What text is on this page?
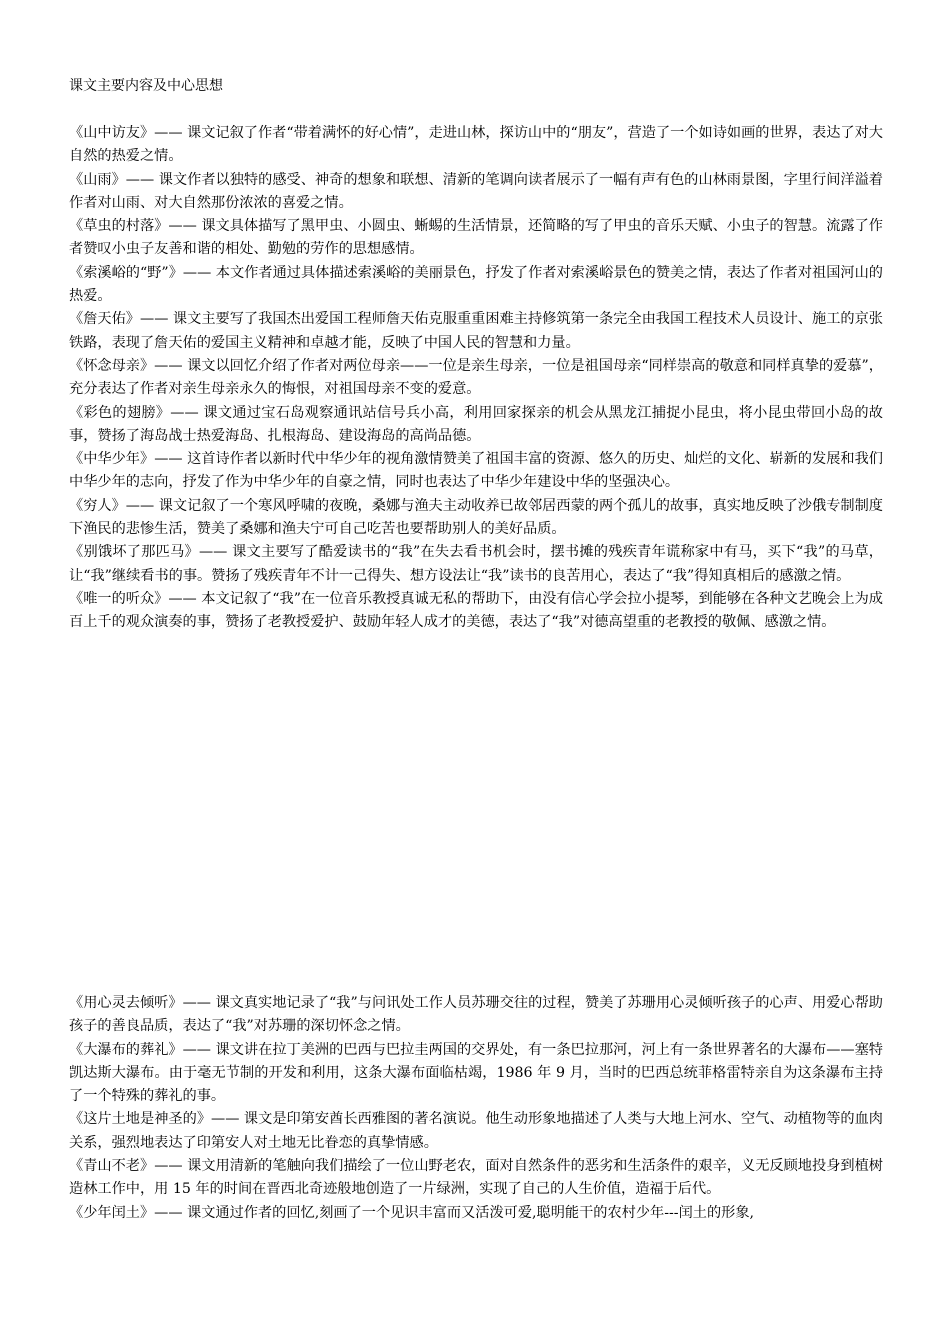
课文主要内容及中心思想

《山中访友》—— 课文记叙了作者“带着满怀的好心情”，走进山林，探访山中的“朋友”，营造了一个如诗如画的世界，表达了对大自然的热爱之情。

《山雨》—— 课文作者以独特的感受、神奇的想象和联想、清新的笔调向读者展示了一幅有声有色的山林雨景图，字里行间洋溢着作者对山雨、对大自然那份浓浓的喜爱之情。

《草虫的村落》—— 课文具体描写了黑甲虫、小圆虫、蜥蜴的生活情景，还简略的写了甲虫的音乐天赋、小虫子的智慧。流露了作者赞叹小虫子友善和谐的相处、勤勉的劳作的思想感情。

《索溪峪的“野”》—— 本文作者通过具体描述索溪峪的美丽景色，抒发了作者对索溪峪景色的赞美之情，表达了作者对祖国河山的热爱。

《詹天佑》—— 课文主要写了我国杰出爱国工程师詹天佑克服重重困难主持修筑第一条完全由我国工程技术人员设计、施工的京张铁路，表现了詹天佑的爱国主义精神和卓越才能，反映了中国人民的智慧和力量。

《怀念母亲》—— 课文以回忆介绍了作者对两位母亲——一位是亲生母亲，一位是祖国母亲“同样崇高的敬意和同样真挚的爱慕”，充分表达了作者对亲生母亲永久的悔恨，对祖国母亲不变的爱意。

《彩色的翅膀》—— 课文通过宝石岛观察通讯站信号兵小高，利用回家探亲的机会从黑龙江捕捉小昆虫，将小昆虫带回小岛的故事，赞扬了海岛战士热爱海岛、扎根海岛、建设海岛的高尚品德。

《中华少年》—— 这首诗作者以新时代中华少年的视角激情赞美了祖国丰富的资源、悠久的历史、灿烂的文化、崭新的发展和我们中华少年的志向，抒发了作为中华少年的自豪之情，同时也表达了中华少年建设中华的坚强决心。

《穷人》—— 课文记叙了一个寒风呼啸的夜晚，桑娜与渔夫主动收养已故邻居西蒙的两个孤儿的故事，真实地反映了沙俄专制制度下渔民的悲惨生活，赞美了桑娜和渔夫宁可自己吃苦也要帮助别人的美好品质。

《别饿坏了那匹马》—— 课文主要写了酷爱读书的“我”在失去看书机会时，摆书摊的残疾青年谎称家中有马，买下“我”的马草，让“我”继续看书的事。赞扬了残疾青年不计一己得失、想方设法让“我”读书的良苦用心，表达了“我”得知真相后的感激之情。

《唯一的听众》—— 本文记叙了“我”在一位音乐教授真诚无私的帮助下，由没有信心学会拉小提琴，到能够在各种文艺晚会上为成百上千的观众演奏的事，赞扬了老教授爱护、鼓励年轻人成才的美德，表达了“我”对德高望重的老教授的敬佩、感激之情。

《用心灵去倾听》—— 课文真实地记录了“我”与问讯处工作人员苏珊交往的过程，赞美了苏珊用心灵倾听孩子的心声、用爱心帮助孩子的善良品质，表达了“我”对苏珊的深切怀念之情。

《大瀑布的葬礼》—— 课文讲在拉丁美洲的巴西与巴拉圭两国的交界处，有一条巴拉那河，河上有一条世界著名的大瀑布——塞特凯达斯大瀑布。由于毫无节制的开发和利用，这条大瀑布面临枯竭，1986 年 9 月，当时的巴西总统菲格雷特亲自为这条瀑布主持了一个特殊的葬礼的事。

《这片土地是神圣的》—— 课文是印第安酋长西雅图的著名演说。他生动形象地描述了人类与大地上河水、空气、动植物等的血肉关系，强烈地表达了印第安人对土地无比眷恋的真挚情感。

《青山不老》—— 课文用清新的笔触向我们描绘了一位山野老农，面对自然条件的恶劣和生活条件的艰辛，义无反顾地投身到植树造林工作中，用 15 年的时间在晋西北奇迹般地创造了一片绿洲，实现了自己的人生价值，造福于后代。

《少年闰土》—— 课文通过作者的回忆,刻画了一个见识丰富而又活泼可爱,聪明能干的农村少年---闰土的形象,
